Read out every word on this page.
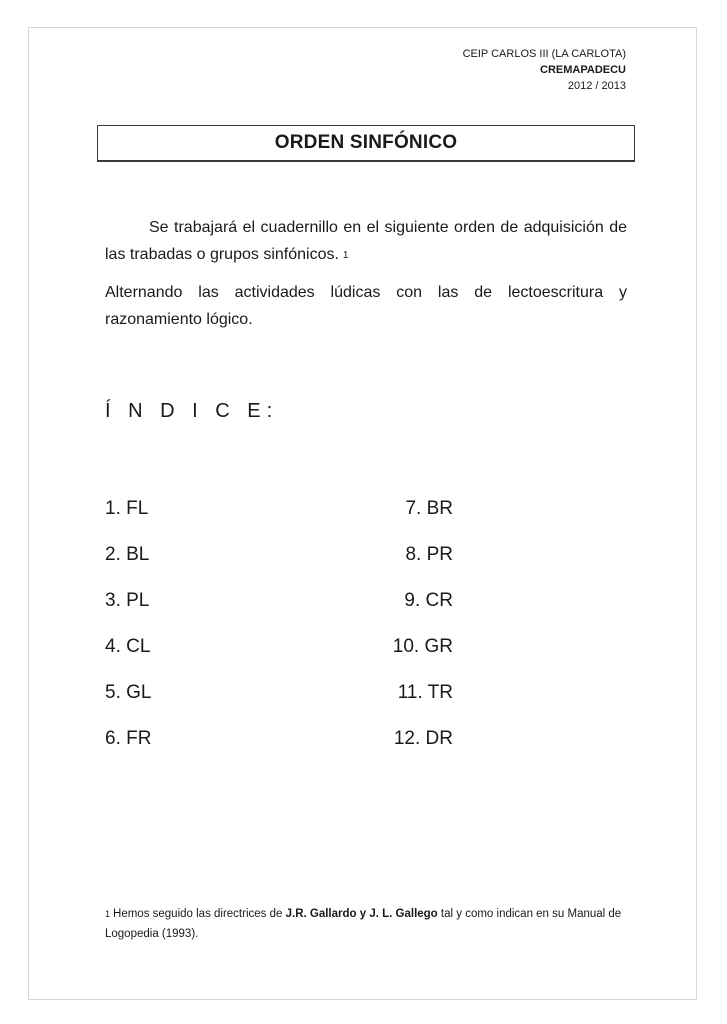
CEIP CARLOS III (LA CARLOTA)
CREMAPADECU
2012 / 2013
ORDEN SINFÓNICO

Se trabajará el cuadernillo en el siguiente orden de adquisición de las trabadas o grupos sinfónicos. 1

Alternando las actividades lúdicas con las de lectoescritura y razonamiento lógico.

Í N D I C E:
1. FL
2. BL
3. PL
4. CL
5. GL
6. FR
7. BR
8. PR
9. CR
10. GR
11. TR
12. DR
1 Hemos seguido las directrices de J.R. Gallardo y J. L. Gallego tal y como indican en su Manual de Logopedia (1993).
